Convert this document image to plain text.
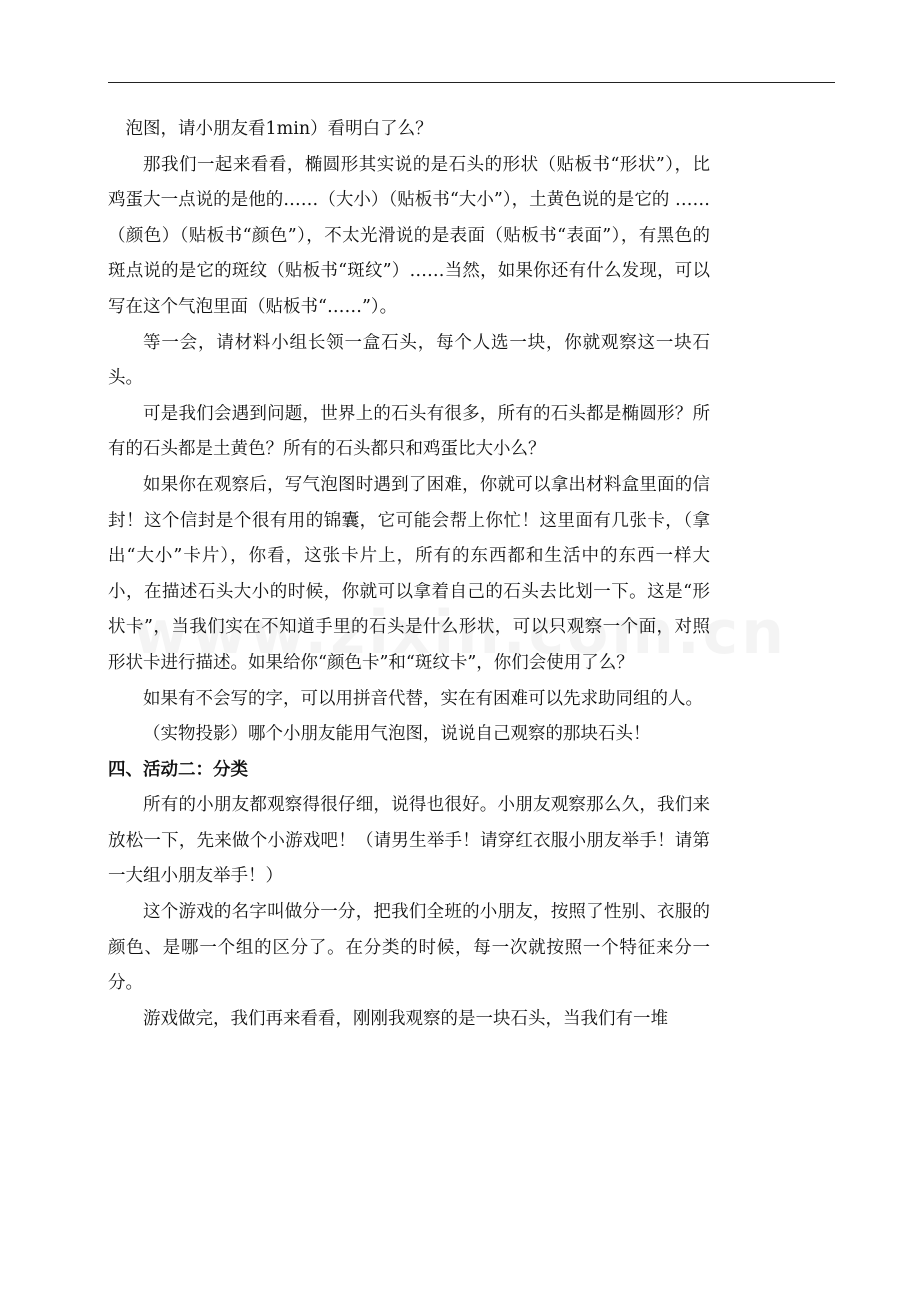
泡图，请小朋友看1min）看明白了么？

那我们一起来看看，椭圆形其实说的是石头的形状（贴板书“形状”），比鸡蛋大一点说的是他的……（大小）（贴板书“大小”），土黄色说的是它的 ……（颜色）（贴板书“颜色”），不太光滑说的是表面（贴板书“表面”），有黑色的斑点说的是它的斑纹（贴板书“斑纹”）……当然，如果你还有什么发现，可以写在这个气泡里面（贴板书“……”）。

等一会，请材料小组长领一盒石头，每个人选一块，你就观察这一块石头。

可是我们会遇到问题，世界上的石头有很多，所有的石头都是椭圆形？所有的石头都是土黄色？所有的石头都只和鸡蛋比大小么？

如果你在观察后，写气泡图时遇到了困难，你就可以拿出材料盒里面的信封！这个信封是个很有用的锦囊，它可能会帮上你忙！这里面有几张卡，（拿出“大小”卡片），你看，这张卡片上，所有的东西都和生活中的东西一样大小，在描述石头大小的时候，你就可以拿着自己的石头去比划一下。这是“形状卡”，当我们实在不知道手里的石头是什么形状，可以只观察一个面，对照形状卡进行描述。如果给你“颜色卡”和“斑纹卡”，你们会使用了么？

如果有不会写的字，可以用拼音代替，实在有困难可以先求助同组的人。

（实物投影）哪个小朋友能用气泡图，说说自己观察的那块石头！

四、活动二：分类

所有的小朋友都观察得很仔细，说得也很好。小朋友观察那么久，我们来放松一下，先来做个小游戏吧！（请男生举手！请穿红衣服小朋友举手！请第一大组小朋友举手！）

这个游戏的名字叫做分一分，把我们全班的小朋友，按照了性别、衣服的颜色、是哪一个组的区分了。在分类的时候，每一次就按照一个特征来分一分。

游戏做完，我们再来看看，刚刚我观察的是一块石头，当我们有一堆
